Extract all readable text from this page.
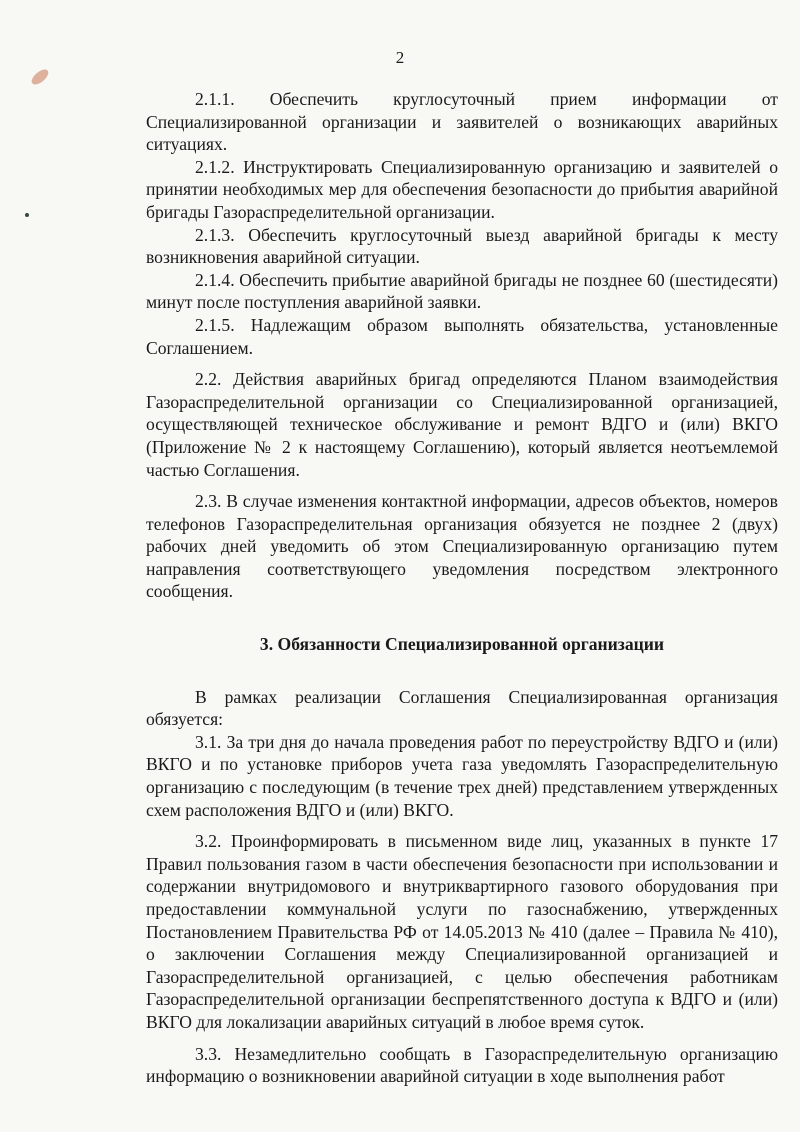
2

2.1.1. Обеспечить круглосуточный прием информации от Специализированной организации и заявителей о возникающих аварийных ситуациях.

2.1.2. Инструктировать Специализированную организацию и заявителей о принятии необходимых мер для обеспечения безопасности до прибытия аварийной бригады Газораспределительной организации.

2.1.3. Обеспечить круглосуточный выезд аварийной бригады к месту возникновения аварийной ситуации.

2.1.4. Обеспечить прибытие аварийной бригады не позднее 60 (шестидесяти) минут после поступления аварийной заявки.

2.1.5. Надлежащим образом выполнять обязательства, установленные Соглашением.

2.2. Действия аварийных бригад определяются Планом взаимодействия Газораспределительной организации со Специализированной организацией, осуществляющей техническое обслуживание и ремонт ВДГО и (или) ВКГО (Приложение № 2 к настоящему Соглашению), который является неотъемлемой частью Соглашения.

2.3. В случае изменения контактной информации, адресов объектов, номеров телефонов Газораспределительная организация обязуется не позднее 2 (двух) рабочих дней уведомить об этом Специализированную организацию путем направления соответствующего уведомления посредством электронного сообщения.

3. Обязанности Специализированной организации

В рамках реализации Соглашения Специализированная организация обязуется:

3.1. За три дня до начала проведения работ по переустройству ВДГО и (или) ВКГО и по установке приборов учета газа уведомлять Газораспределительную организацию с последующим (в течение трех дней) представлением утвержденных схем расположения ВДГО и (или) ВКГО.

3.2. Проинформировать в письменном виде лиц, указанных в пункте 17 Правил пользования газом в части обеспечения безопасности при использовании и содержании внутридомового и внутриквартирного газового оборудования при предоставлении коммунальной услуги по газоснабжению, утвержденных Постановлением Правительства РФ от 14.05.2013 № 410 (далее – Правила № 410), о заключении Соглашения между Специализированной организацией и Газораспределительной организацией, с целью обеспечения работникам Газораспределительной организации беспрепятственного доступа к ВДГО и (или) ВКГО для локализации аварийных ситуаций в любое время суток.

3.3. Незамедлительно сообщать в Газораспределительную организацию информацию о возникновении аварийной ситуации в ходе выполнения работ
